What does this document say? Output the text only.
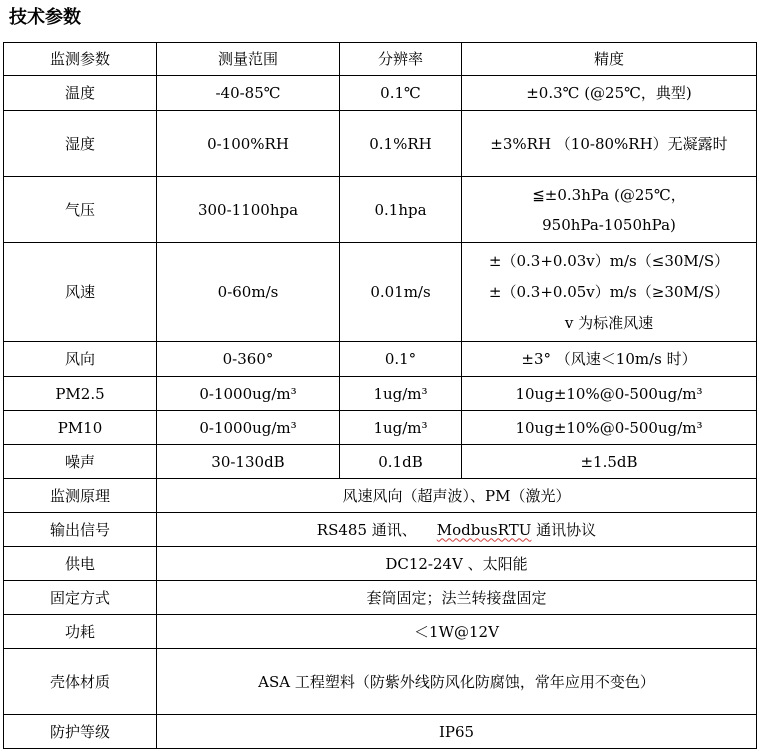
技术参数
监测参数	测量范围	分辨率	精度
温度	-40-85℃	0.1℃	±0.3℃ (@25℃，典型)

湿度	0-100%RH	0.1%RH	±3%RH （10-80%RH）无凝露时

气压	300-1100hpa	0.1hpa	≦±0.3hPa (@25℃，
950hPa-1050hPa)

风速	0-60m/s	0.01m/s	±（0.3+0.03v）m/s（≤30M/S）
±（0.3+0.05v）m/s（≥30M/S）
v 为标准风速

风向	0-360°	0.1°	±3° （风速＜10m/s 时）

PM2.5	0-1000ug/m³	1ug/m³	10ug±10%@0-500ug/m³

PM10	0-1000ug/m³	1ug/m³	10ug±10%@0-500ug/m³

噪声	30-130dB	0.1dB	±1.5dB

监测原理	风速风向（超声波）、PM（激光）		
输出信号	RS485 通讯、 ModbusRTU 通讯协议		
供电	DC12-24V 、太阳能		
固定方式	套筒固定；法兰转接盘固定		
功耗	＜1W@12V		
壳体材质	ASA 工程塑料（防紫外线防风化防腐蚀，常年应用不变色）		
防护等级	IP65		
